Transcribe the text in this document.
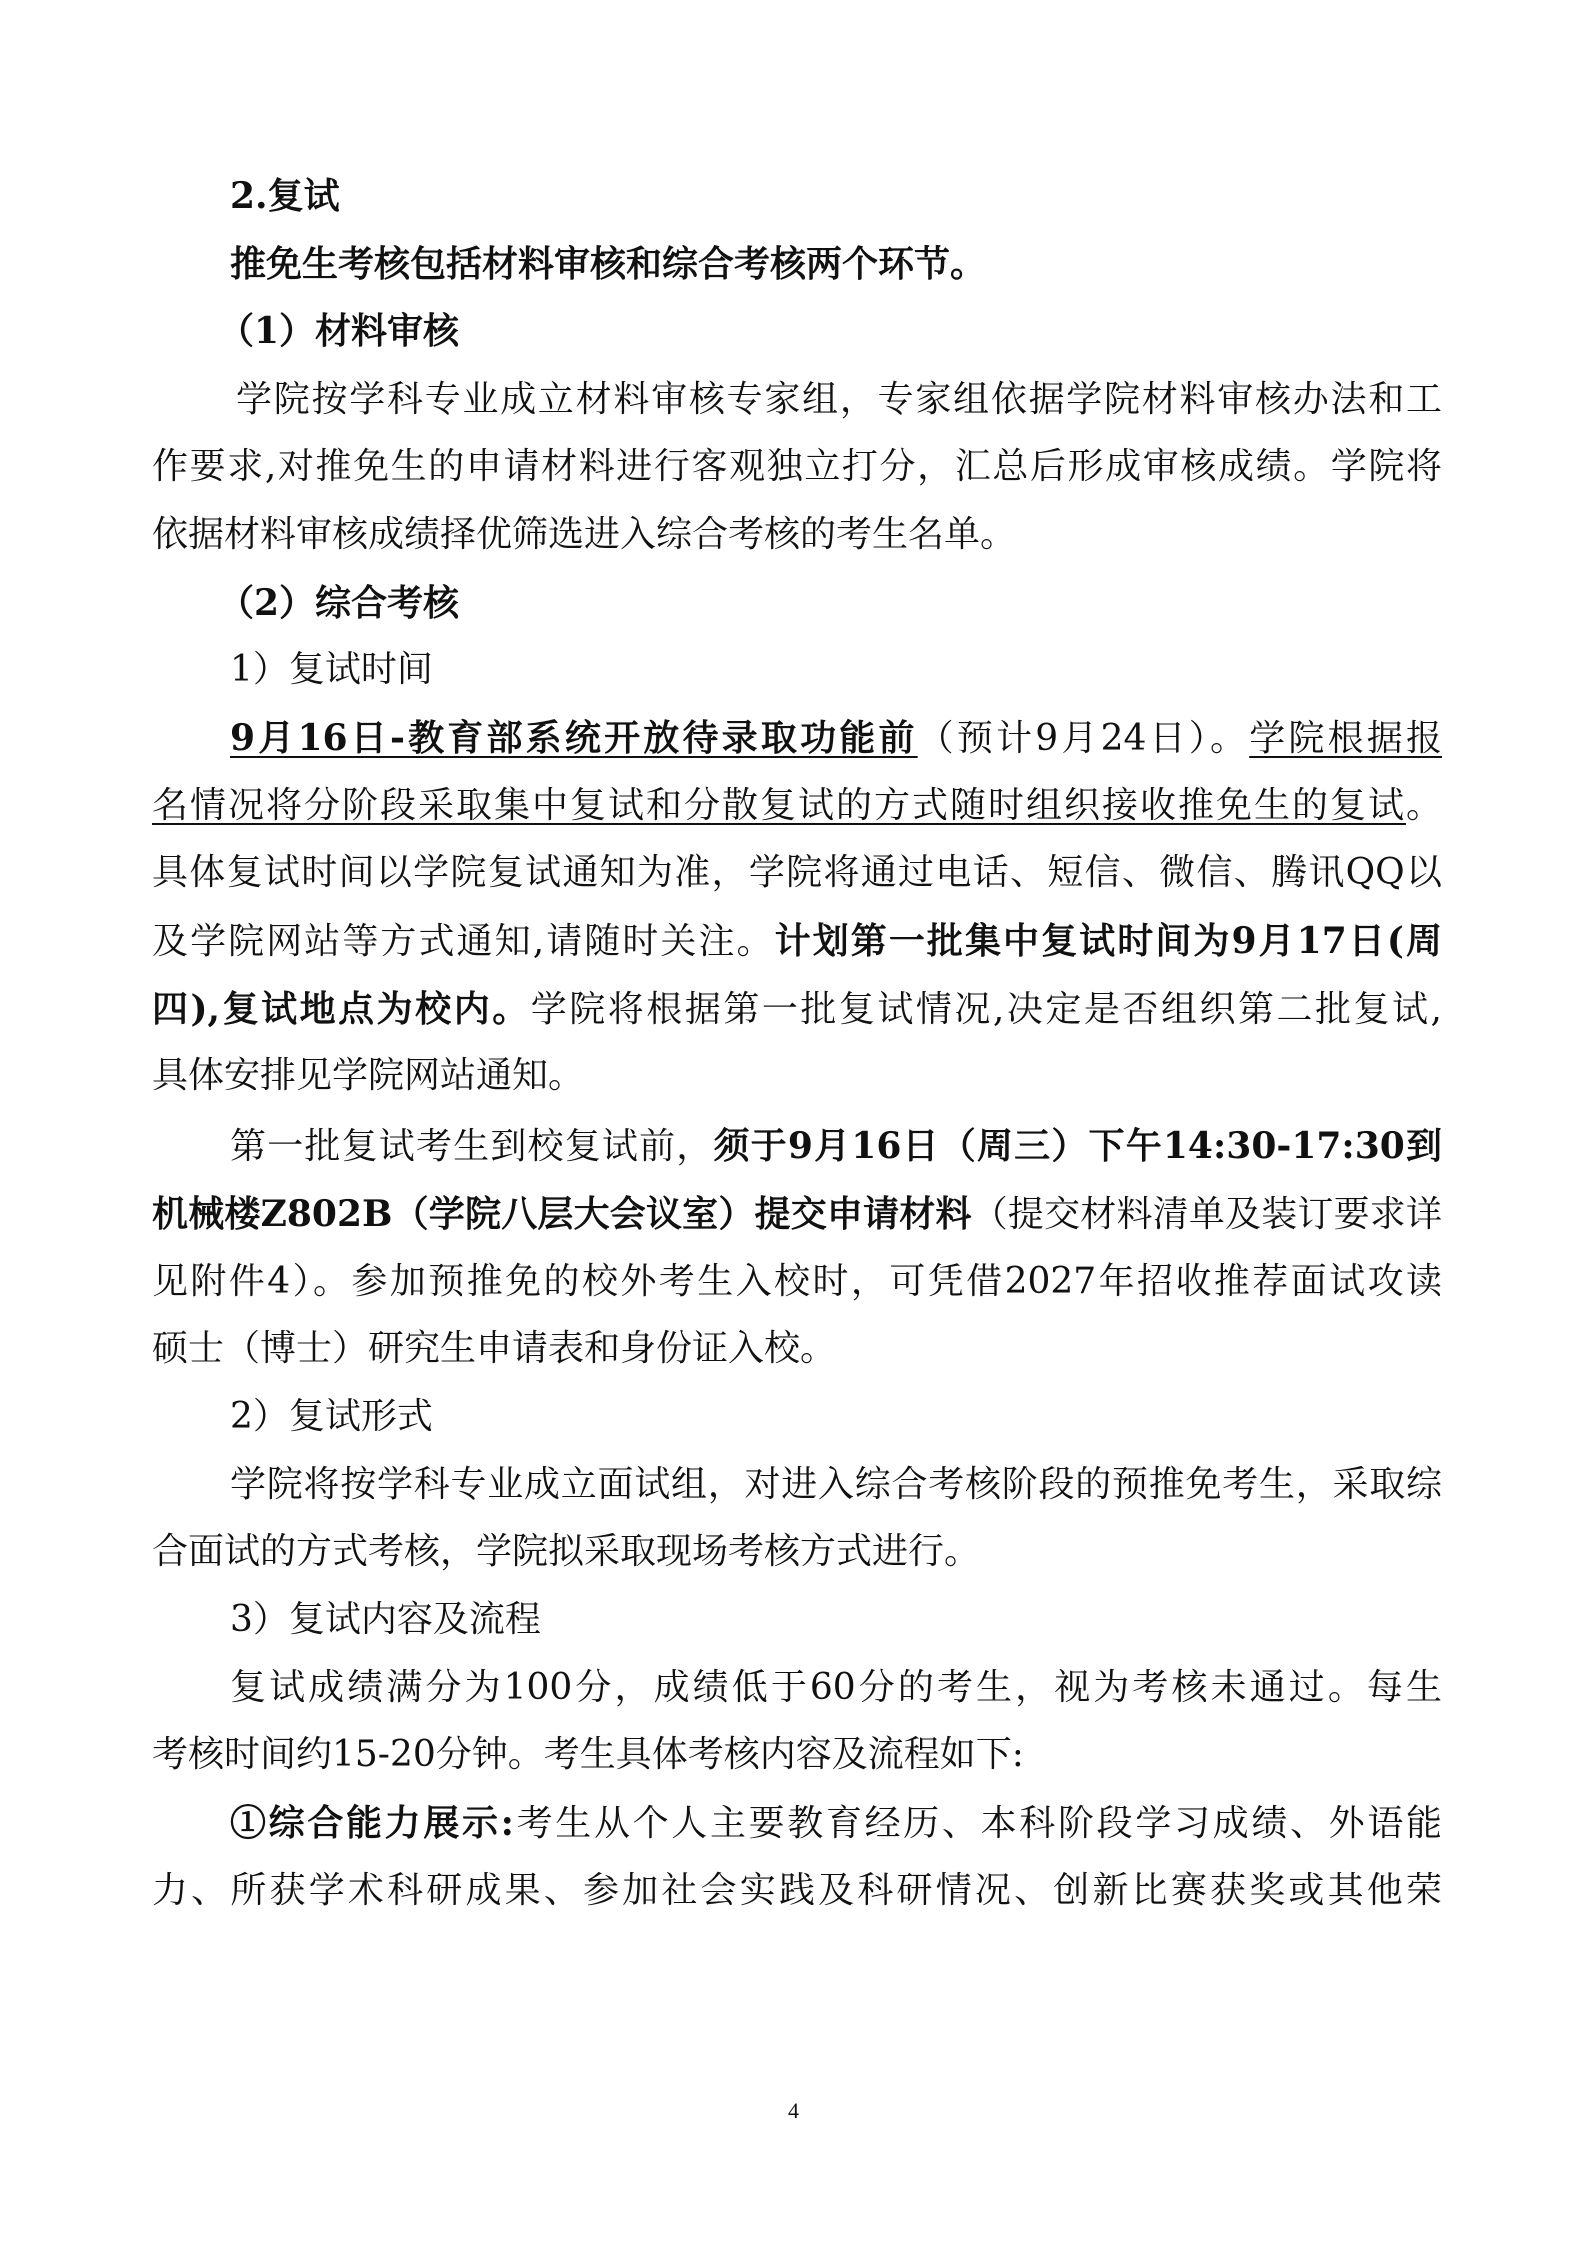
2.复试
推免生考核包括材料审核和综合考核两个环节。
（1）材料审核
学院按学科专业成立材料审核专家组，专家组依据学院材料审核办法和工
作要求,对推免生的申请材料进行客观独立打分，汇总后形成审核成绩。学院将
依据材料审核成绩择优筛选进入综合考核的考生名单。
（2）综合考核
1）复试时间
9月16日-教育部系统开放待录取功能前（预计9月24日）。学院根据报
名情况将分阶段采取集中复试和分散复试的方式随时组织接收推免生的复试。
具体复试时间以学院复试通知为准，学院将通过电话、短信、微信、腾讯QQ以
及学院网站等方式通知,请随时关注。计划第一批集中复试时间为9月17日(周
四),复试地点为校内。学院将根据第一批复试情况,决定是否组织第二批复试,
具体安排见学院网站通知。
第一批复试考生到校复试前，须于9月16日（周三）下午14:30-17:30到
机械楼Z802B（学院八层大会议室）提交申请材料（提交材料清单及装订要求详
见附件4）。参加预推免的校外考生入校时，可凭借2027年招收推荐面试攻读
硕士（博士）研究生申请表和身份证入校。
2）复试形式
学院将按学科专业成立面试组，对进入综合考核阶段的预推免考生，采取综
合面试的方式考核，学院拟采取现场考核方式进行。
3）复试内容及流程
复试成绩满分为100分，成绩低于60分的考生，视为考核未通过。每生
考核时间约15-20分钟。考生具体考核内容及流程如下:
①综合能力展示:考生从个人主要教育经历、本科阶段学习成绩、外语能
力、所获学术科研成果、参加社会实践及科研情况、创新比赛获奖或其他荣
4
